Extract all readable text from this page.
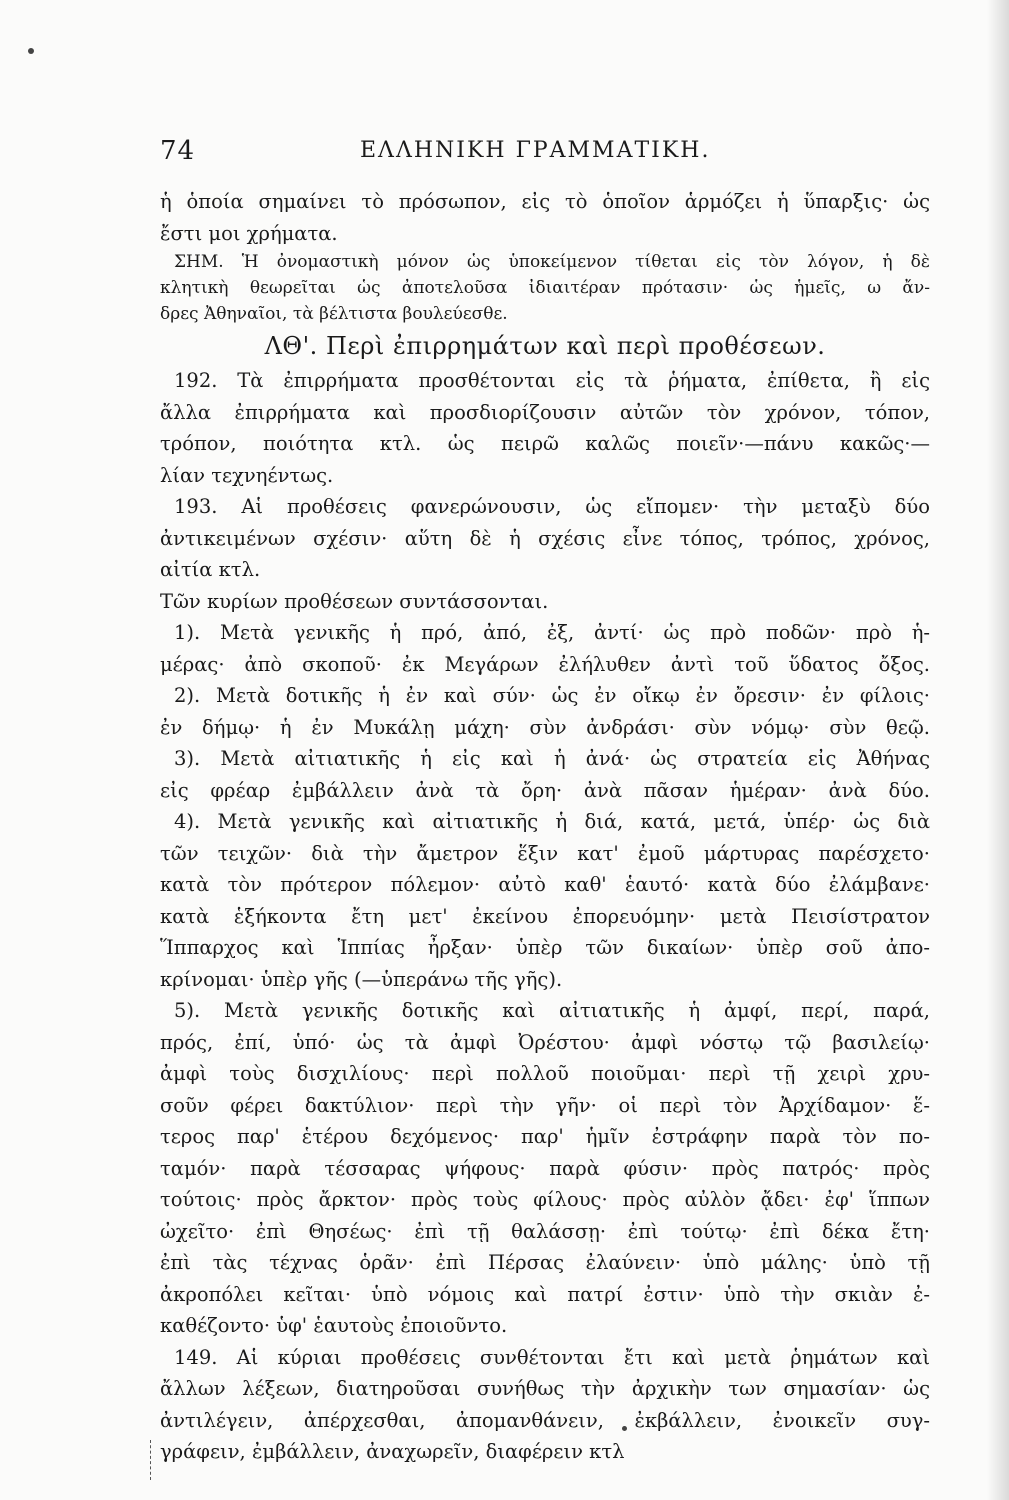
74	ΕΛΛΗΝΙΚΗ ΓΡΑΜΜΑΤΙΚΗ.
ἡ ὁποία σημαίνει τὸ πρόσωπον, εἰς τὸ ὁποῖον ἁρμόζει ἡ ὕπαρξις· ὡς
ἔστι μοι χρήματα.
ΣΗΜ. Ἡ ὀνομαστικὴ μόνον ὡς ὑποκείμενον τίθεται εἰς τὸν λόγον, ἡ δὲ
κλητικὴ θεωρεῖται ὡς ἀποτελοῦσα ἰδιαιτέραν πρότασιν· ὡς ἡμεῖς, ω ἄν-
δρες Ἀθηναῖοι, τὰ βέλτιστα βουλεύεσθε.
ΛΘ'. Περὶ ἐπιρρημάτων καὶ περὶ προθέσεων.
192. Τὰ ἐπιρρήματα προσθέτονται εἰς τὰ ῥήματα, ἐπίθετα, ἢ εἰς
ἄλλα ἐπιρρήματα καὶ προσδιορίζουσιν αὐτῶν τὸν χρόνον, τόπον,
τρόπον, ποιότητα κτλ. ὡς πειρῶ καλῶς ποιεῖν·—πάνυ κακῶς·—
λίαν τεχνηέντως.
193. Αἱ προθέσεις φανερώνουσιν, ὡς εἴπομεν· τὴν μεταξὺ δύο
ἀντικειμένων σχέσιν· αὕτη δὲ ἡ σχέσις εἶνε τόπος, τρόπος, χρόνος,
αἰτία κτλ.
Τῶν κυρίων προθέσεων συντάσσονται.
1). Μετὰ γενικῆς ἡ πρό, ἀπό, ἐξ, ἀντί· ὡς πρὸ ποδῶν· πρὸ ἡ-
μέρας· ἀπὸ σκοποῦ· ἐκ Μεγάρων ἐλήλυθεν ἀντὶ τοῦ ὕδατος ὄξος.
2). Μετὰ δοτικῆς ἡ ἐν καὶ σύν· ὡς ἐν οἴκῳ ἐν ὄρεσιν· ἐν φίλοις·
ἐν δήμῳ· ἡ ἐν Μυκάλῃ μάχη· σὺν ἀνδράσι· σὺν νόμῳ· σὺν θεῷ.
3). Μετὰ αἰτιατικῆς ἡ εἰς καὶ ἡ ἀνά· ὡς στρατεία εἰς Ἀθήνας
εἰς φρέαρ ἐμβάλλειν ἀνὰ τὰ ὄρη· ἀνὰ πᾶσαν ἡμέραν· ἀνὰ δύο.
4). Μετὰ γενικῆς καὶ αἰτιατικῆς ἡ διά, κατά, μετά, ὑπέρ· ὡς διὰ
τῶν τειχῶν· διὰ τὴν ἄμετρον ἕξιν κατ' ἐμοῦ μάρτυρας παρέσχετο·
κατὰ τὸν πρότερον πόλεμον· αὐτὸ καθ' ἑαυτό· κατὰ δύο ἐλάμβανε·
κατὰ ἑξήκοντα ἔτη μετ' ἐκείνου ἐπορευόμην· μετὰ Πεισίστρατον
Ἵππαρχος καὶ Ἱππίας ἦρξαν· ὑπὲρ τῶν δικαίων· ὑπὲρ σοῦ ἀπο-
κρίνομαι· ὑπὲρ γῆς (—ὑπεράνω τῆς γῆς).
5). Μετὰ γενικῆς δοτικῆς καὶ αἰτιατικῆς ἡ ἀμφί, περί, παρά,
πρός, ἐπί, ὑπό· ὡς τὰ ἀμφὶ Ὀρέστου· ἀμφὶ νόστῳ τῷ βασιλείῳ·
ἀμφὶ τοὺς δισχιλίους· περὶ πολλοῦ ποιοῦμαι· περὶ τῇ χειρὶ χρυ-
σοῦν φέρει δακτύλιον· περὶ τὴν γῆν· οἱ περὶ τὸν Ἀρχίδαμον· ἕ-
τερος παρ' ἑτέρου δεχόμενος· παρ' ἡμῖν ἐστράφην παρὰ τὸν πο-
ταμόν· παρὰ τέσσαρας ψήφους· παρὰ φύσιν· πρὸς πατρός· πρὸς
τούτοις· πρὸς ἄρκτον· πρὸς τοὺς φίλους· πρὸς αὐλὸν ᾄδει· ἐφ' ἵππων
ὠχεῖτο· ἐπὶ Θησέως· ἐπὶ τῇ θαλάσσῃ· ἐπὶ τούτῳ· ἐπὶ δέκα ἔτη·
ἐπὶ τὰς τέχνας ὁρᾶν· ἐπὶ Πέρσας ἐλαύνειν· ὑπὸ μάλης· ὑπὸ τῇ
ἀκροπόλει κεῖται· ὑπὸ νόμοις καὶ πατρί ἐστιν· ὑπὸ τὴν σκιὰν ἐ-
καθέζοντο· ὑφ' ἑαυτοὺς ἐποιοῦντο.
149. Αἱ κύριαι προθέσεις συνθέτονται ἔτι καὶ μετὰ ῥημάτων καὶ
ἄλλων λέξεων, διατηροῦσαι συνήθως τὴν ἀρχικὴν των σημασίαν· ὡς
ἀντιλέγειν, ἀπέρχεσθαι, ἀπομανθάνειν, ἐκβάλλειν, ἐνοικεῖν συγ-
γράφειν, ἐμβάλλειν, ἀναχωρεῖν, διαφέρειν κτλ
